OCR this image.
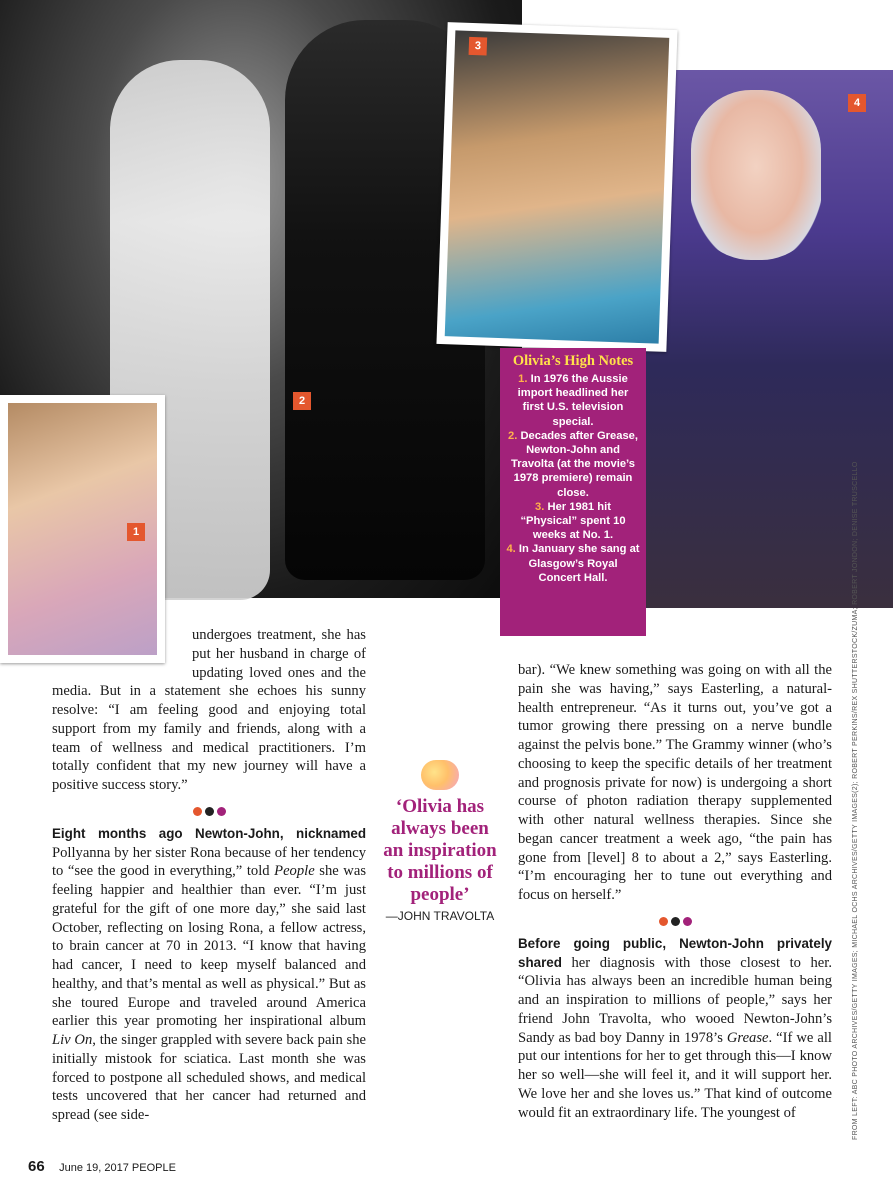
2
4
3
1

Olivia’s High Notes

1. In 1976 the Aussie import headlined her first U.S. television special.

2. Decades after Grease, Newton-John and Travolta (at the movie’s 1978 premiere) remain close.

3. Her 1981 hit “Physical” spent 10 weeks at No. 1.

4. In January she sang at Glasgow’s Royal Concert Hall.

undergoes treatment, she has put her husband in charge of updating loved ones and the media. But in a statement she echoes his sunny resolve: “I am feeling good and enjoying total support from my family and friends, along with a team of wellness and medical practitioners. I’m totally confident that my new journey will have a positive success story.”

Eight months ago Newton-John, nicknamed Pollyanna by her sister Rona because of her tendency to “see the good in everything,” told People she was feeling happier and healthier than ever. “I’m just grateful for the gift of one more day,” she said last October, reflecting on losing Rona, a fellow actress, to brain cancer at 70 in 2013. “I know that having had cancer, I need to keep myself balanced and healthy, and that’s mental as well as physical.” But as she toured Europe and traveled around America earlier this year promoting her inspirational album Liv On, the singer grappled with severe back pain she initially mistook for sciatica. Last month she was forced to postpone all scheduled shows, and medical tests uncovered that her cancer had returned and spread (see side-

‘Olivia has always been an inspiration to millions of people’
—JOHN TRAVOLTA

bar). “We knew something was going on with all the pain she was having,” says Easterling, a natural-health entrepreneur. “As it turns out, you’ve got a tumor growing there pressing on a nerve bundle against the pelvis bone.” The Grammy winner (who’s choosing to keep the specific details of her treatment and prognosis private for now) is undergoing a short course of photon radiation therapy supplemented with other natural wellness therapies. Since she began cancer treatment a week ago, “the pain has gone from [level] 8 to about a 2,” says Easterling. “I’m encouraging her to tune out everything and focus on herself.”

Before going public, Newton-John privately shared her diagnosis with those closest to her. “Olivia has always been an incredible human being and an inspiration to millions of people,” says her friend John Travolta, who wooed Newton-John’s Sandy as bad boy Danny in 1978’s Grease. “If we all put our intentions for her to get through this—I know her so well—she will feel it, and it will support her. We love her and she loves us.” That kind of outcome would fit an extraordinary life. The youngest of	FROM LEFT: ABC PHOTO ARCHIVES/GETTY IMAGES; MICHAEL OCHS ARCHIVES/GETTY IMAGES(2); ROBERT PERKINS/REX SHUTTERSTOCK/ZUMA; ROBERT JONDON; DENISE TRUSCELLO
66 June 19, 2017 PEOPLE
